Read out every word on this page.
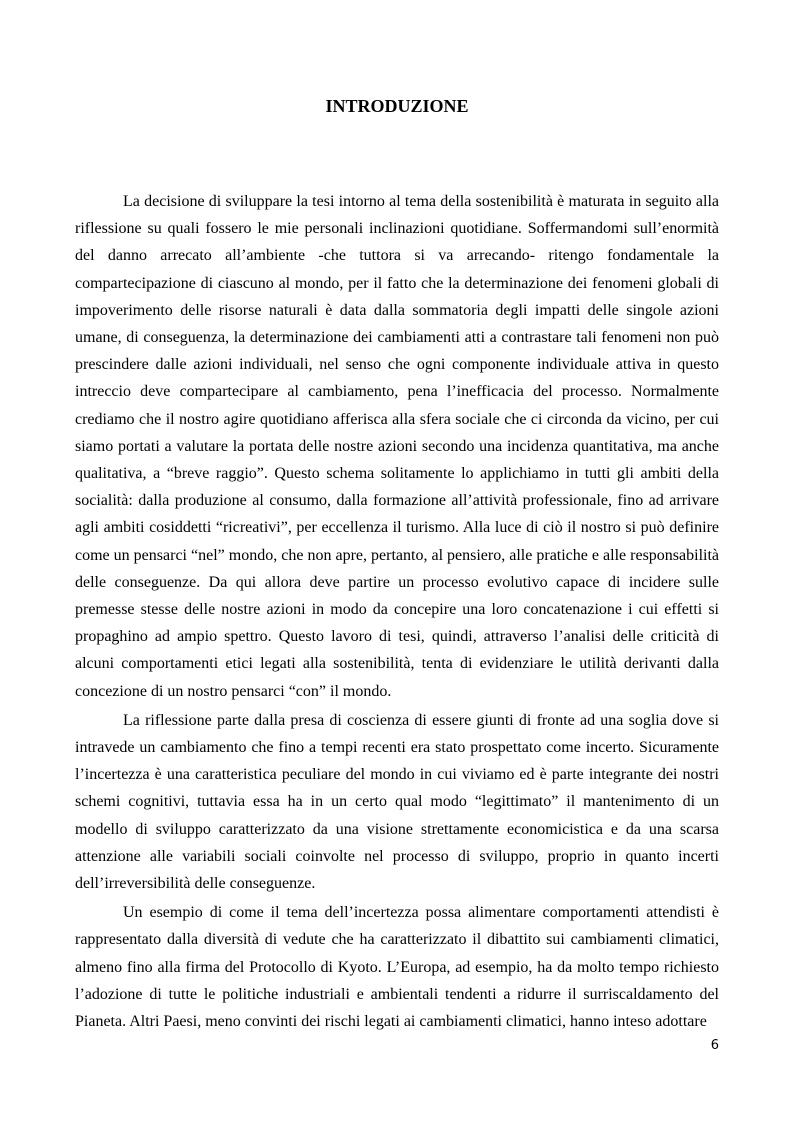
INTRODUZIONE

La decisione di sviluppare la tesi intorno al tema della sostenibilità è maturata in seguito alla riflessione su quali fossero le mie personali inclinazioni quotidiane. Soffermandomi sull’enormità del danno arrecato all’ambiente -che tuttora si va arrecando- ritengo fondamentale la compartecipazione di ciascuno al mondo, per il fatto che la determinazione dei fenomeni globali di impoverimento delle risorse naturali è data dalla sommatoria degli impatti delle singole azioni umane, di conseguenza, la determinazione dei cambiamenti atti a contrastare tali fenomeni non può prescindere dalle azioni individuali, nel senso che ogni componente individuale attiva in questo intreccio deve compartecipare al cambiamento, pena l’inefficacia del processo. Normalmente crediamo che il nostro agire quotidiano afferisca alla sfera sociale che ci circonda da vicino, per cui siamo portati a valutare la portata delle nostre azioni secondo una incidenza quantitativa, ma anche qualitativa, a “breve raggio”. Questo schema solitamente lo applichiamo in tutti gli ambiti della socialità: dalla produzione al consumo, dalla formazione all’attività professionale, fino ad arrivare agli ambiti cosiddetti “ricreativi”, per eccellenza il turismo. Alla luce di ciò il nostro si può definire come un pensarci “nel” mondo, che non apre, pertanto, al pensiero, alle pratiche e alle responsabilità delle conseguenze. Da qui allora deve partire un processo evolutivo capace di incidere sulle premesse stesse delle nostre azioni in modo da concepire una loro concatenazione i cui effetti si propaghino ad ampio spettro. Questo lavoro di tesi, quindi, attraverso l’analisi delle criticità di alcuni comportamenti etici legati alla sostenibilità, tenta di evidenziare le utilità derivanti dalla concezione di un nostro pensarci “con” il mondo.

La riflessione parte dalla presa di coscienza di essere giunti di fronte ad una soglia dove si intravede un cambiamento che fino a tempi recenti era stato prospettato come incerto. Sicuramente l’incertezza è una caratteristica peculiare del mondo in cui viviamo ed è parte integrante dei nostri schemi cognitivi, tuttavia essa ha in un certo qual modo “legittimato” il mantenimento di un modello di sviluppo caratterizzato da una visione strettamente economicistica e da una scarsa attenzione alle variabili sociali coinvolte nel processo di sviluppo, proprio in quanto incerti dell’irreversibilità delle conseguenze.

Un esempio di come il tema dell’incertezza possa alimentare comportamenti attendisti è rappresentato dalla diversità di vedute che ha caratterizzato il dibattito sui cambiamenti climatici, almeno fino alla firma del Protocollo di Kyoto. L’Europa, ad esempio, ha da molto tempo richiesto l’adozione di tutte le politiche industriali e ambientali tendenti a ridurre il surriscaldamento del Pianeta. Altri Paesi, meno convinti dei rischi legati ai cambiamenti climatici, hanno inteso adottare

6
